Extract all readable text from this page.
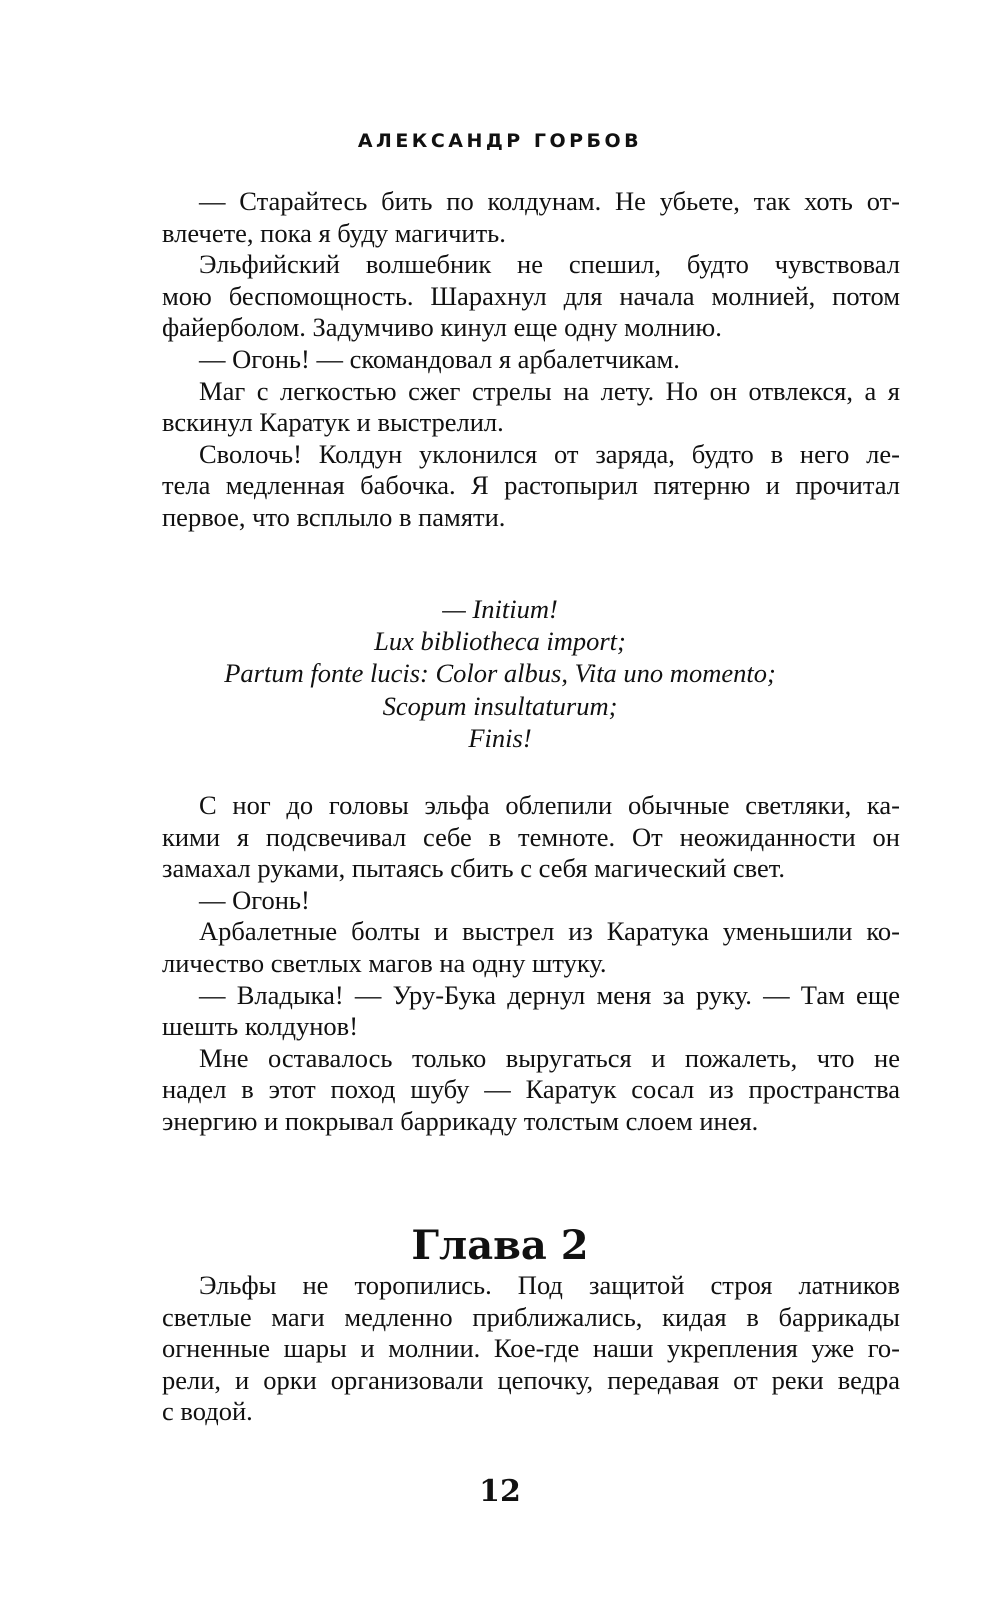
АЛЕКСАНДР ГОРБОВ
— Старайтесь бить по колдунам. Не убьете, так хоть от-
влечете, пока я буду магичить.
Эльфийский волшебник не спешил, будто чувствовал
мою беспомощность. Шарахнул для начала молнией, потом
файерболом. Задумчиво кинул еще одну молнию.
— Огонь! — скомандовал я арбалетчикам.
Маг с легкостью сжег стрелы на лету. Но он отвлекся, а я
вскинул Каратук и выстрелил.
Сволочь! Колдун уклонился от заряда, будто в него ле-
тела медленная бабочка. Я растопырил пятерню и прочитал
первое, что всплыло в памяти.
— Initium!
Lux bibliotheca import;
Partum fonte lucis: Color albus, Vita uno momento;
Scopum insultaturum;
Finis!
С ног до головы эльфа облепили обычные светляки, ка-
кими я подсвечивал себе в темноте. От неожиданности он
замахал руками, пытаясь сбить с себя магический свет.
— Огонь!
Арбалетные болты и выстрел из Каратука уменьшили ко-
личество светлых магов на одну штуку.
— Владыка! — Уру-Бука дернул меня за руку. — Там еще
шешть колдунов!
Мне оставалось только выругаться и пожалеть, что не
надел в этот поход шубу — Каратук сосал из пространства
энергию и покрывал баррикаду толстым слоем инея.
Глава 2
Эльфы не торопились. Под защитой строя латников
светлые маги медленно приближались, кидая в баррикады
огненные шары и молнии. Кое-где наши укрепления уже го-
рели, и орки организовали цепочку, передавая от реки ведра
с водой.
12
